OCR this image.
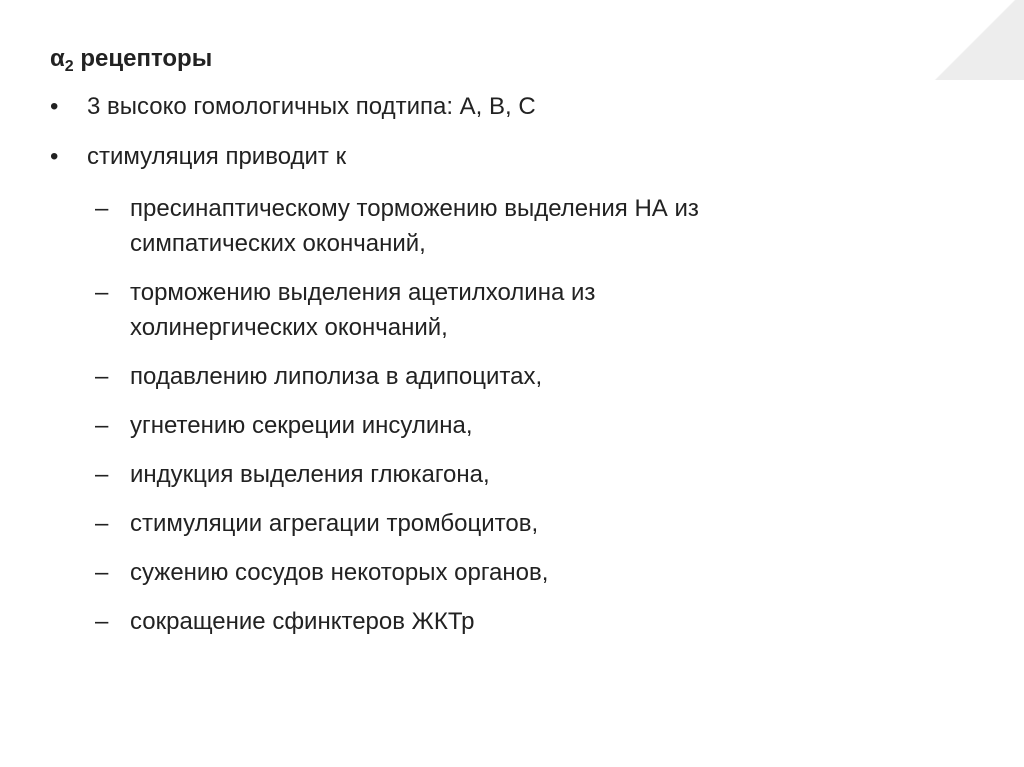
$\alpha_2$ рецепторы
• 3 высоко гомологичных подтипа: A, B, C
• стимуляция приводит к
– пресинаптическому торможению выделения НА из
симпатических окончаний,
– торможению выделения ацетилхолина из
холинергических окончаний,
– подавлению липолиза в адипоцитах,
– угнетению секреции инсулина,
– индукция выделения глюкагона,
– стимуляции агрегации тромбоцитов,
– сужению сосудов некоторых органов,
– сокращение сфинктеров ЖКТр
